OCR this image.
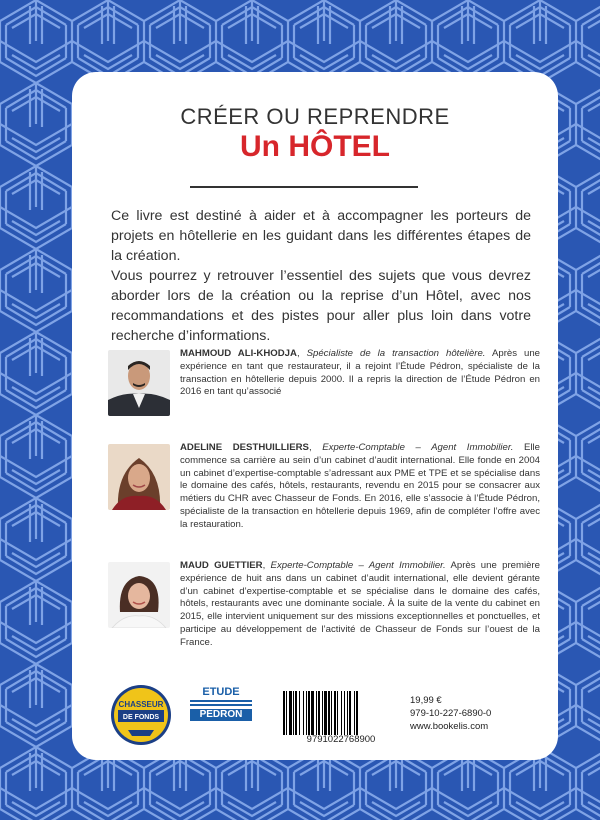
CRÉER OU REPRENDRE
Un HÔTEL

Ce livre est destiné à aider et à accompagner les porteurs de projets en hôtellerie en les guidant dans les différentes étapes de la création.

Vous pourrez y retrouver l’essentiel des sujets que vous devrez aborder lors de la création ou la reprise d’un Hôtel, avec nos recommandations et des pistes pour aller plus loin dans votre recherche d’informations.

MAHMOUD ALI-KHODJA, Spécialiste de la transaction hôtelière. Après une expérience en tant que restaurateur, il a rejoint l’Étude Pédron, spécialiste de la transaction en hôtellerie depuis 2000. Il a repris la direction de l’Étude Pédron en 2016 en tant qu’associé

ADELINE DESTHUILLIERS, Experte-Comptable – Agent Immobilier. Elle commence sa carrière au sein d’un cabinet d’audit international. Elle fonde en 2004 un cabinet d’expertise-comptable s’adressant aux PME et TPE et se spécialise dans le domaine des cafés, hôtels, restaurants, revendu en 2015 pour se consacrer aux métiers du CHR avec Chasseur de Fonds. En 2016, elle s’associe à l’Étude Pédron, spécialiste de la transaction en hôtellerie depuis 1969, afin de compléter l’offre avec la restauration.

MAUD GUETTIER, Experte-Comptable – Agent Immobilier. Après une première expérience de huit ans dans un cabinet d’audit international, elle devient gérante d’un cabinet d’expertise-comptable et se spécialise dans le domaine des cafés, hôtels, restaurants avec une dominante sociale. À la suite de la vente du cabinet en 2015, elle intervient uniquement sur des missions exceptionnelles et ponctuelles, et participe au développement de l’activité de Chasseur de Fonds sur l’ouest de la France.

CHASSEUR
DE FONDS
ETUDE
PEDRON
9791022768900
19,99 €
979-10-227-6890-0
www.bookelis.com
